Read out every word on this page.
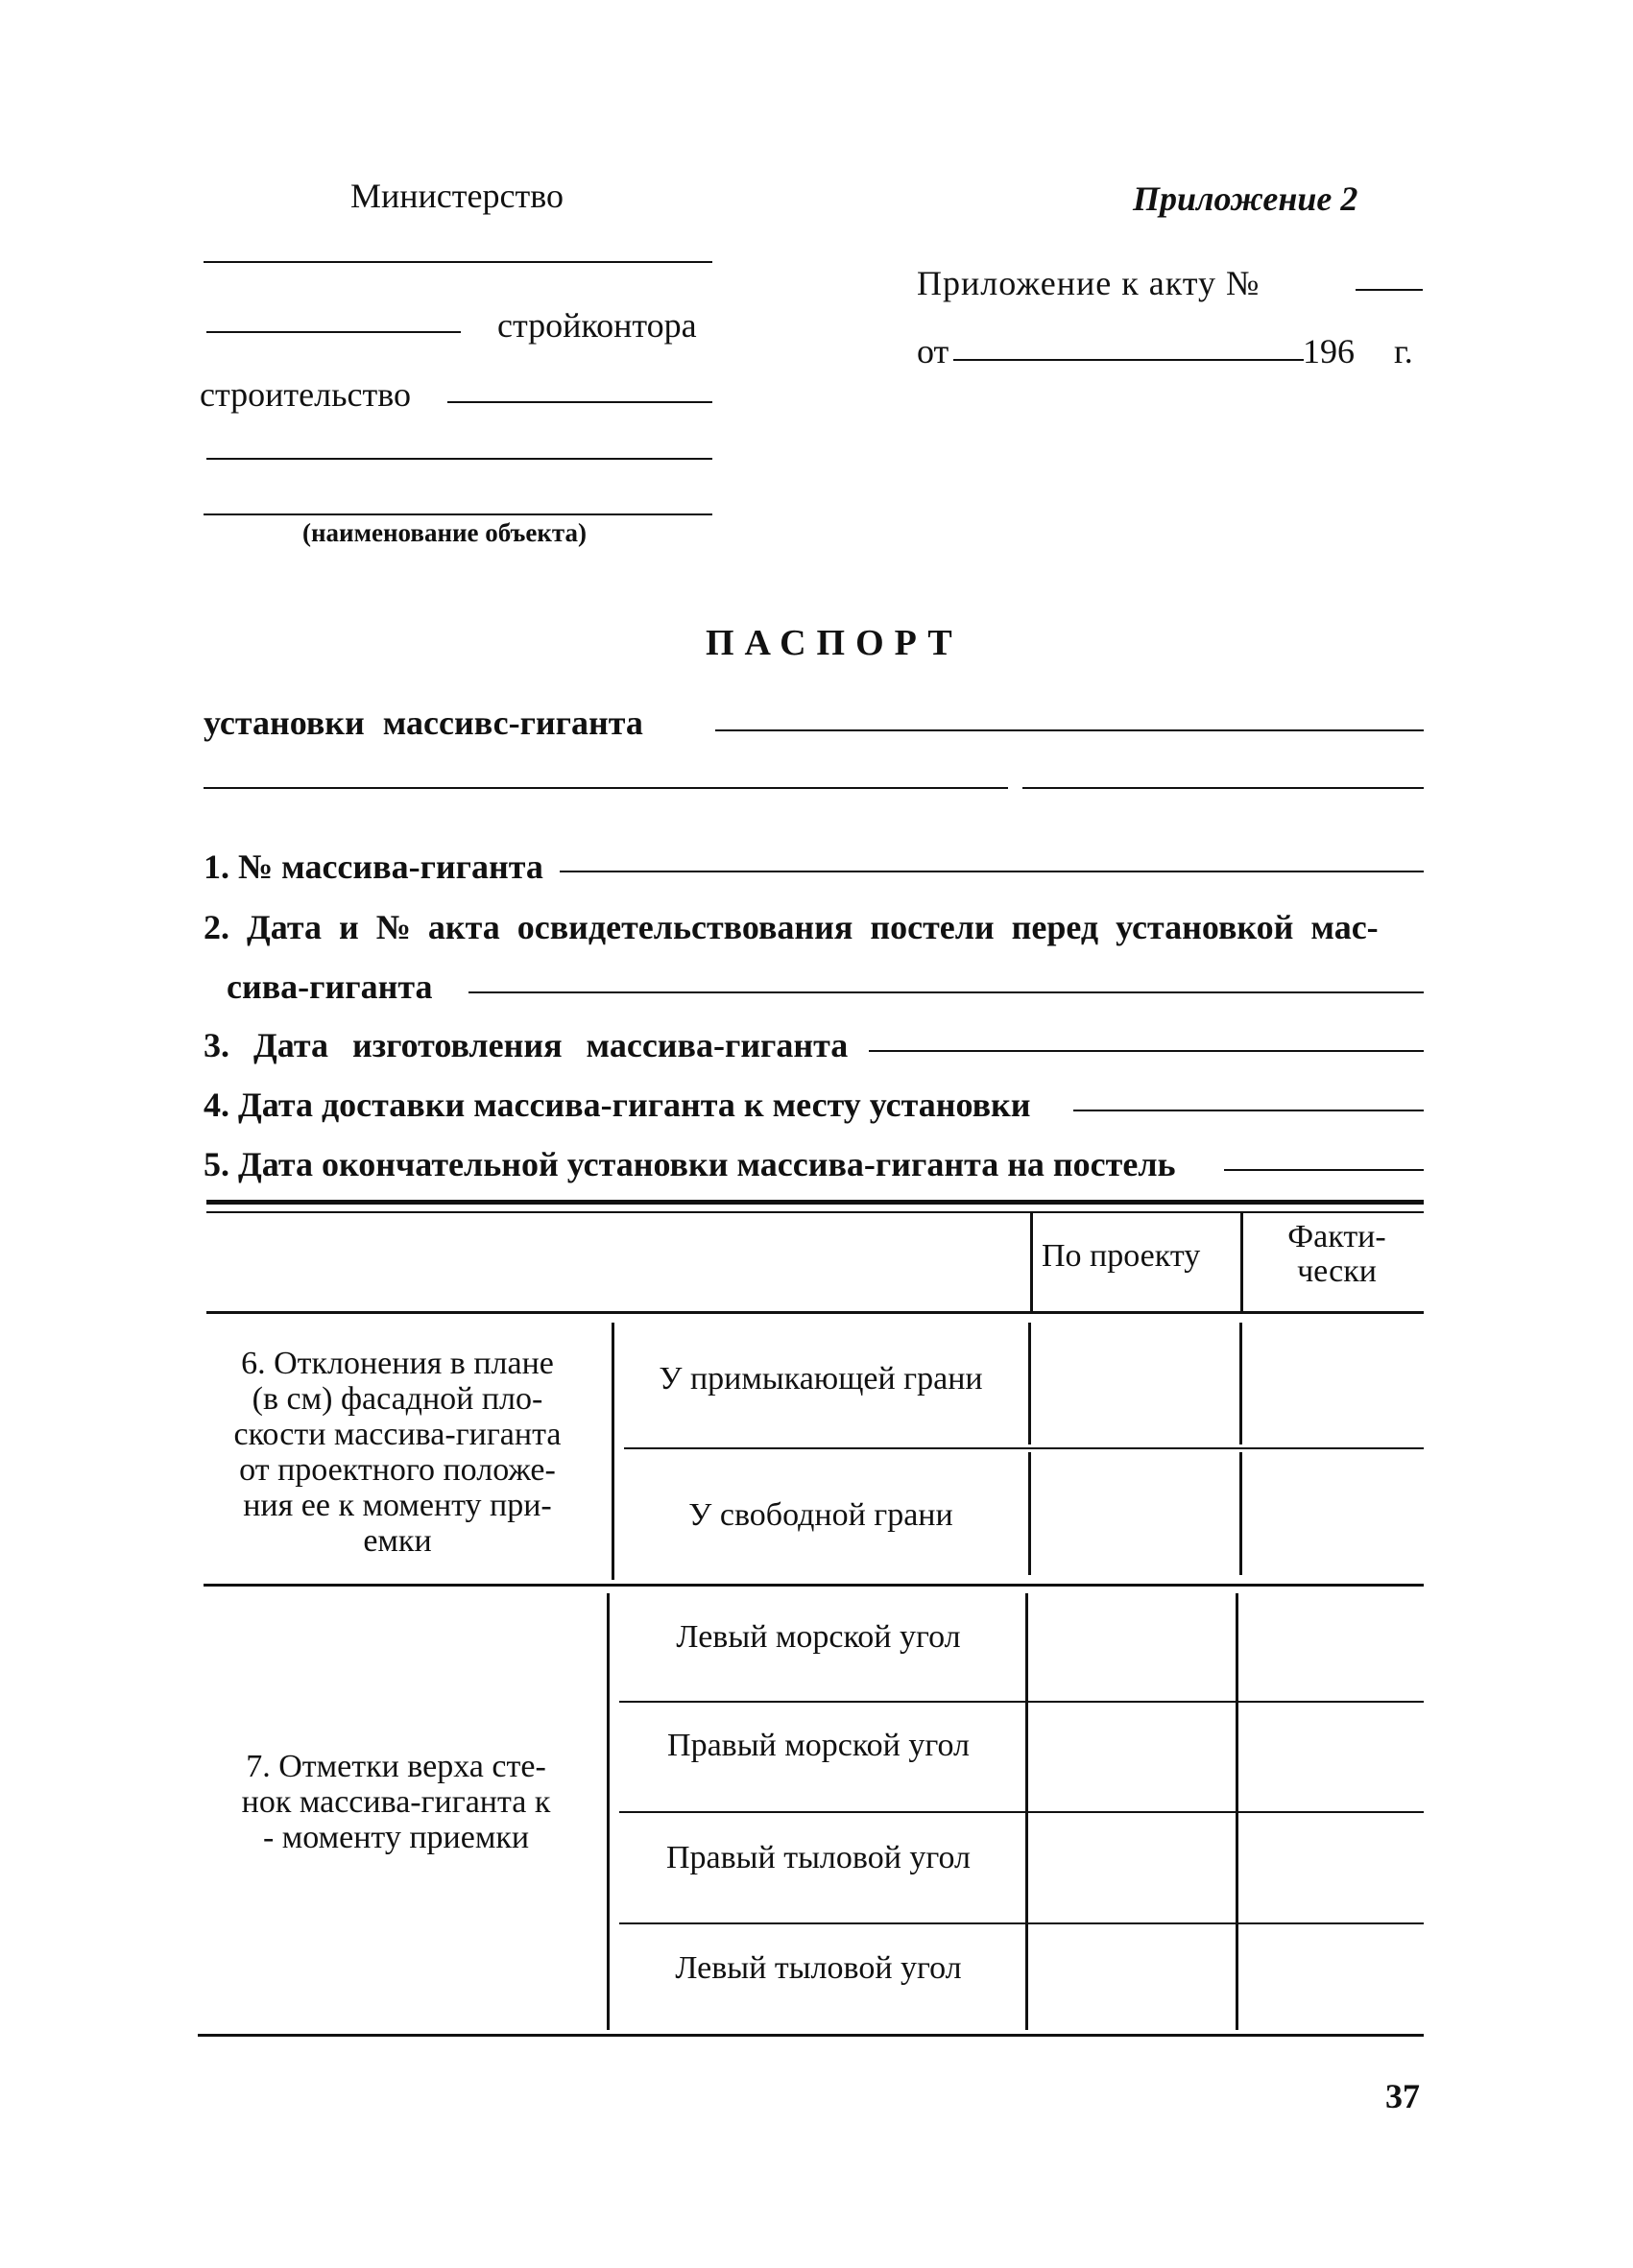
Министерство
стройконтора
строительство
(наименование объекта)
Приложение 2
Приложение к акту №
от	196 г.
ПАСПОРТ
установки массивс-гиганта
1. № массива-гиганта
2. Дата и № акта освидетельствования постели перед установкой мас-
сива-гиганта
3. Дата изготовления массива-гиганта
4. Дата доставки массива-гиганта к месту установки
5. Дата окончательной установки массива-гиганта на постель
По проекту
Факти-
чески
6. Отклонения в плане
(в см) фасадной пло-
скости массива-гиганта
от проектного положе-
ния ее к моменту при-
емки
У примыкающей грани
У свободной грани
7. Отметки верха сте-
нок массива-гиганта к
- моменту приемки
Левый морской угол
Правый морской угол
Правый тыловой угол
Левый тыловой угол
37
